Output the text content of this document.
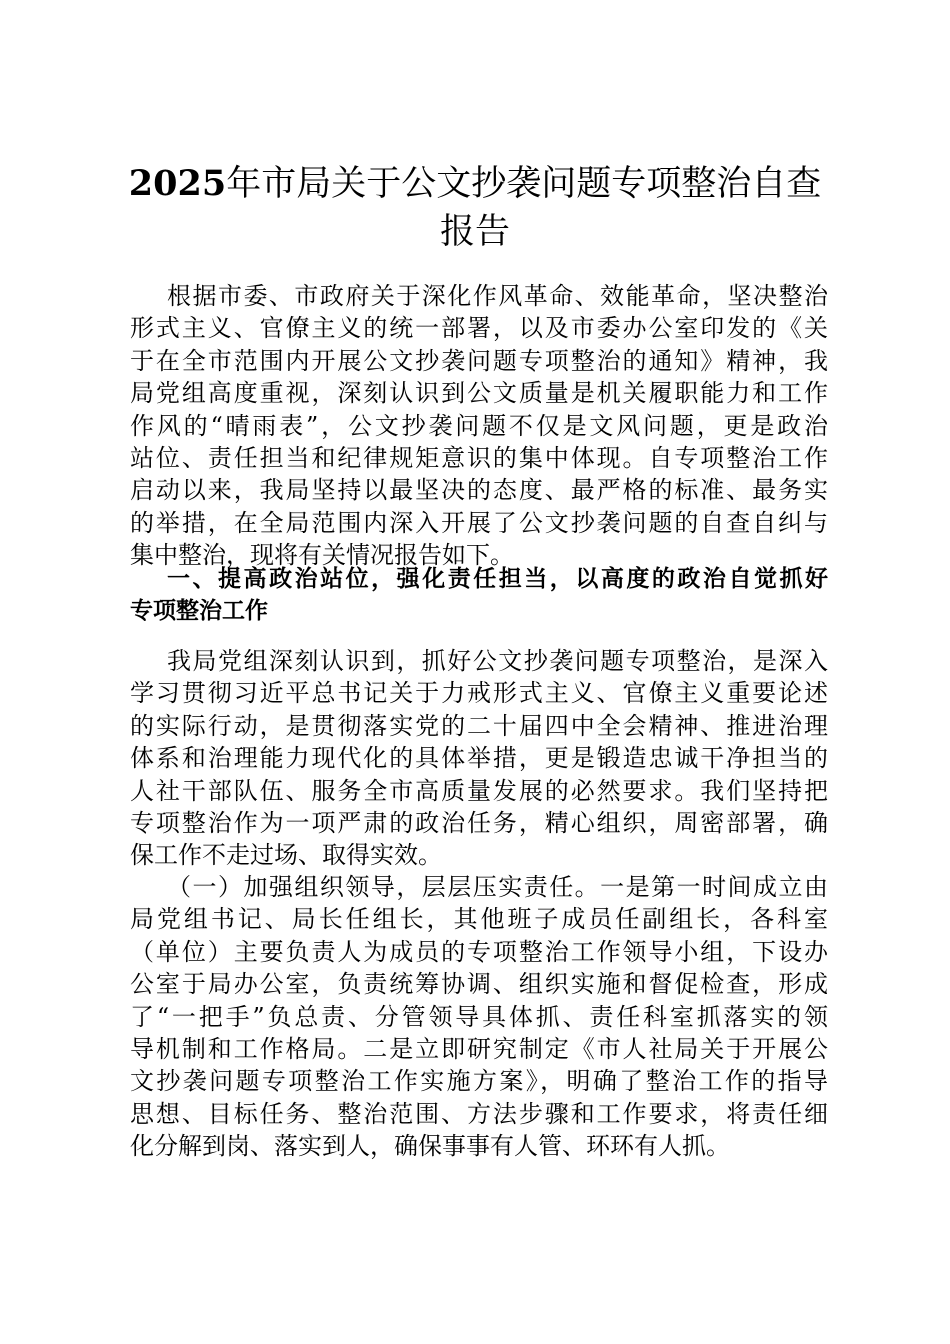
2025年市局关于公文抄袭问题专项整治自查
报告
根据市委、市政府关于深化作风革命、效能革命，坚决整治
形式主义、官僚主义的统一部署，以及市委办公室印发的《关
于在全市范围内开展公文抄袭问题专项整治的通知》精神，我
局党组高度重视，深刻认识到公文质量是机关履职能力和工作
作风的“晴雨表”，公文抄袭问题不仅是文风问题，更是政治
站位、责任担当和纪律规矩意识的集中体现。自专项整治工作
启动以来，我局坚持以最坚决的态度、最严格的标准、最务实
的举措，在全局范围内深入开展了公文抄袭问题的自查自纠与
集中整治，现将有关情况报告如下。
一、提高政治站位，强化责任担当，以高度的政治自觉抓好
专项整治工作
我局党组深刻认识到，抓好公文抄袭问题专项整治，是深入
学习贯彻习近平总书记关于力戒形式主义、官僚主义重要论述
的实际行动，是贯彻落实党的二十届四中全会精神、推进治理
体系和治理能力现代化的具体举措，更是锻造忠诚干净担当的
人社干部队伍、服务全市高质量发展的必然要求。我们坚持把
专项整治作为一项严肃的政治任务，精心组织，周密部署，确
保工作不走过场、取得实效。
（一）加强组织领导，层层压实责任。一是第一时间成立由
局党组书记、局长任组长，其他班子成员任副组长，各科室
（单位）主要负责人为成员的专项整治工作领导小组，下设办
公室于局办公室，负责统筹协调、组织实施和督促检查，形成
了“一把手”负总责、分管领导具体抓、责任科室抓落实的领
导机制和工作格局。二是立即研究制定《市人社局关于开展公
文抄袭问题专项整治工作实施方案》，明确了整治工作的指导
思想、目标任务、整治范围、方法步骤和工作要求，将责任细
化分解到岗、落实到人，确保事事有人管、环环有人抓。
